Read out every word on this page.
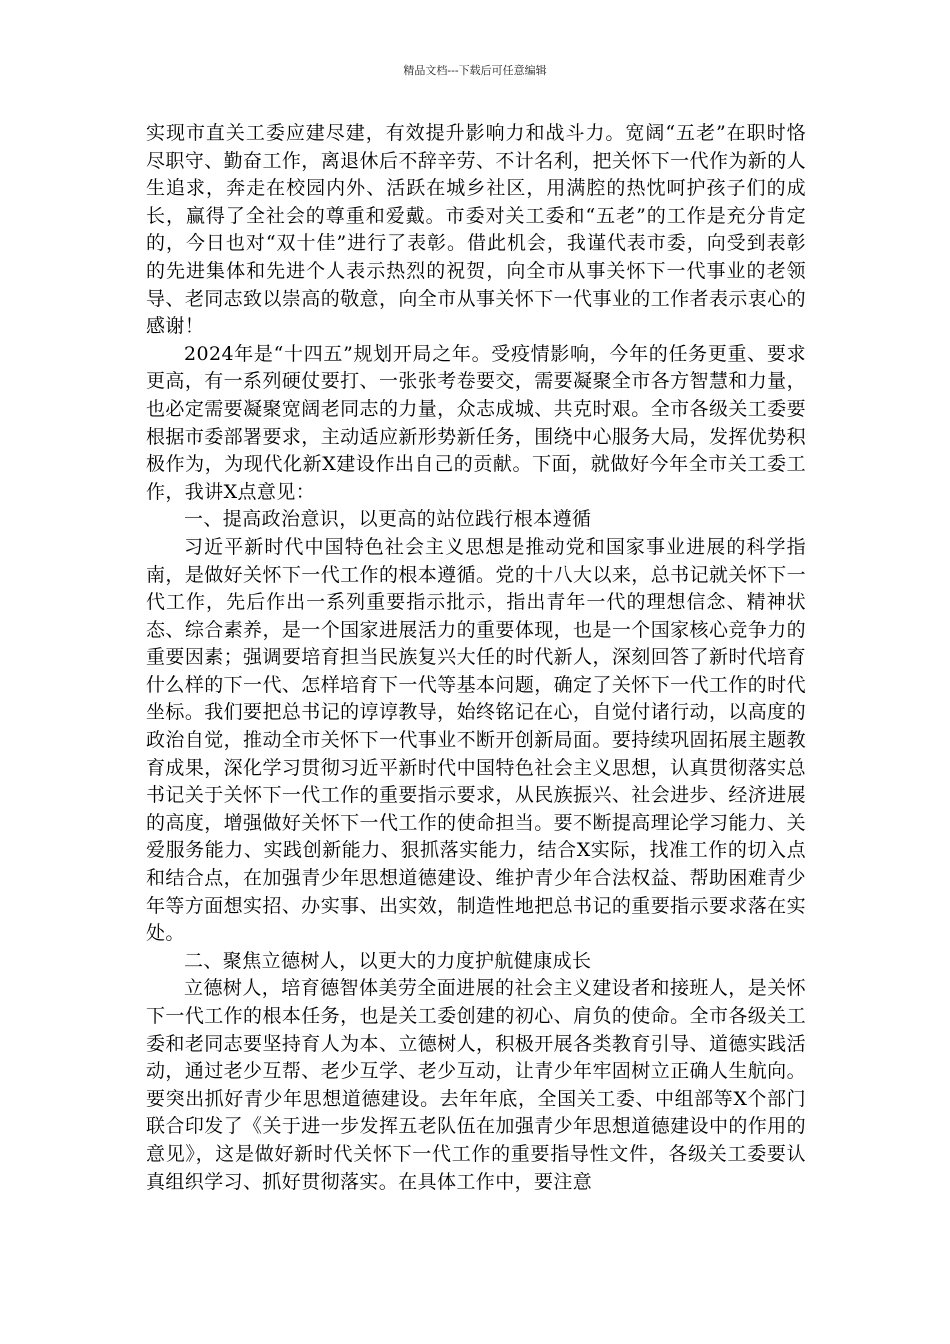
精品文档---下载后可任意编辑

实现市直关工委应建尽建，有效提升影响力和战斗力。宽阔“五老”在职时恪尽职守、勤奋工作，离退休后不辞辛劳、不计名利，把关怀下一代作为新的人生追求，奔走在校园内外、活跃在城乡社区，用满腔的热忱呵护孩子们的成长，赢得了全社会的尊重和爱戴。市委对关工委和“五老”的工作是充分肯定的，今日也对“双十佳”进行了表彰。借此机会，我谨代表市委，向受到表彰的先进集体和先进个人表示热烈的祝贺，向全市从事关怀下一代事业的老领导、老同志致以崇高的敬意，向全市从事关怀下一代事业的工作者表示衷心的感谢！

2024年是“十四五”规划开局之年。受疫情影响，今年的任务更重、要求更高，有一系列硬仗要打、一张张考卷要交，需要凝聚全市各方智慧和力量，也必定需要凝聚宽阔老同志的力量，众志成城、共克时艰。全市各级关工委要根据市委部署要求，主动适应新形势新任务，围绕中心服务大局，发挥优势积极作为，为现代化新X建设作出自己的贡献。下面，就做好今年全市关工委工作，我讲X点意见：

一、提高政治意识，以更高的站位践行根本遵循

习近平新时代中国特色社会主义思想是推动党和国家事业进展的科学指南，是做好关怀下一代工作的根本遵循。党的十八大以来，总书记就关怀下一代工作，先后作出一系列重要指示批示，指出青年一代的理想信念、精神状态、综合素养，是一个国家进展活力的重要体现，也是一个国家核心竞争力的重要因素；强调要培育担当民族复兴大任的时代新人，深刻回答了新时代培育什么样的下一代、怎样培育下一代等基本问题，确定了关怀下一代工作的时代坐标。我们要把总书记的谆谆教导，始终铭记在心，自觉付诸行动，以高度的政治自觉，推动全市关怀下一代事业不断开创新局面。要持续巩固拓展主题教育成果，深化学习贯彻习近平新时代中国特色社会主义思想，认真贯彻落实总书记关于关怀下一代工作的重要指示要求，从民族振兴、社会进步、经济进展的高度，增强做好关怀下一代工作的使命担当。要不断提高理论学习能力、关爱服务能力、实践创新能力、狠抓落实能力，结合X实际，找准工作的切入点和结合点，在加强青少年思想道德建设、维护青少年合法权益、帮助困难青少年等方面想实招、办实事、出实效，制造性地把总书记的重要指示要求落在实处。

二、聚焦立德树人，以更大的力度护航健康成长

立德树人，培育德智体美劳全面进展的社会主义建设者和接班人，是关怀下一代工作的根本任务，也是关工委创建的初心、肩负的使命。全市各级关工委和老同志要坚持育人为本、立德树人，积极开展各类教育引导、道德实践活动，通过老少互帮、老少互学、老少互动，让青少年牢固树立正确人生航向。要突出抓好青少年思想道德建设。去年年底，全国关工委、中组部等X个部门联合印发了《关于进一步发挥五老队伍在加强青少年思想道德建设中的作用的意见》，这是做好新时代关怀下一代工作的重要指导性文件，各级关工委要认真组织学习、抓好贯彻落实。在具体工作中，要注意
